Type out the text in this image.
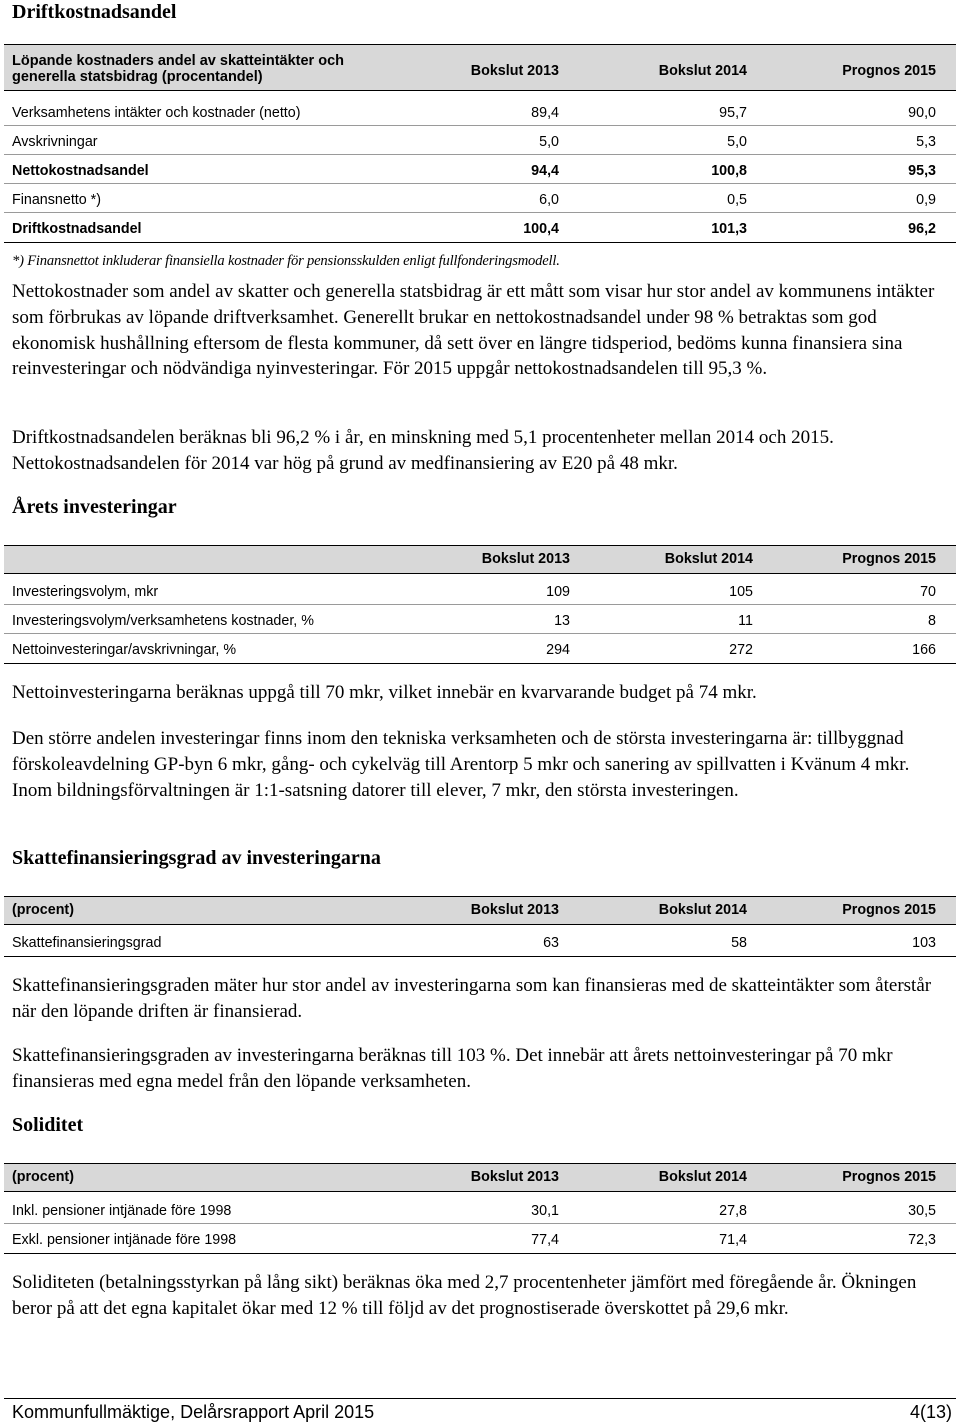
Driftkostnadsandel
Löpande kostnaders andel av skatteintäkter och
generella statsbidrag (procentandel)	Bokslut 2013	Bokslut 2014	Prognos 2015
Verksamhetens intäkter och kostnader (netto)	89,4	95,7	90,0
Avskrivningar	5,0	5,0	5,3
Nettokostnadsandel	94,4	100,8	95,3
Finansnetto *)	6,0	0,5	0,9
Driftkostnadsandel	100,4	101,3	96,2
*) Finansnettot inkluderar finansiella kostnader för pensionsskulden enligt fullfonderingsmodell.
Nettokostnader som andel av skatter och generella statsbidrag är ett mått som visar hur stor andel av kommunens intäkter som förbrukas av löpande driftverksamhet. Generellt brukar en nettokostnadsandel under 98 % betraktas som god ekonomisk hushållning eftersom de flesta kommuner, då sett över en längre tidsperiod, bedöms kunna finansiera sina reinvesteringar och nödvändiga nyinvesteringar. För 2015 uppgår nettokostnadsandelen till 95,3 %.
Driftkostnadsandelen beräknas bli 96,2 % i år, en minskning med 5,1 procentenheter mellan 2014 och 2015. Nettokostnadsandelen för 2014 var hög på grund av medfinansiering av E20 på 48 mkr.
Årets investeringar
Bokslut 2013	Bokslut 2014	Prognos 2015
Investeringsvolym, mkr	109	105	70
Investeringsvolym/verksamhetens kostnader, %	13	11	8
Nettoinvesteringar/avskrivningar, %	294	272	166
Nettoinvesteringarna beräknas uppgå till 70 mkr, vilket innebär en kvarvarande budget på 74 mkr.
Den större andelen investeringar finns inom den tekniska verksamheten och de största investeringarna är: tillbyggnad förskoleavdelning GP-byn 6 mkr, gång- och cykelväg till Arentorp 5 mkr och sanering av spillvatten i Kvänum 4 mkr. Inom bildningsförvaltningen är 1:1-satsning datorer till elever, 7 mkr, den största investeringen.
Skattefinansieringsgrad av investeringarna
(procent)	Bokslut 2013	Bokslut 2014	Prognos 2015
Skattefinansieringsgrad	63	58	103
Skattefinansieringsgraden mäter hur stor andel av investeringarna som kan finansieras med de skatteintäkter som återstår när den löpande driften är finansierad.
Skattefinansieringsgraden av investeringarna beräknas till 103 %. Det innebär att årets nettoinvesteringar på 70 mkr finansieras med egna medel från den löpande verksamheten.
Soliditet
(procent)	Bokslut 2013	Bokslut 2014	Prognos 2015
Inkl. pensioner intjänade före 1998	30,1	27,8	30,5
Exkl. pensioner intjänade före 1998	77,4	71,4	72,3
Soliditeten (betalningsstyrkan på lång sikt) beräknas öka med 2,7 procentenheter jämfört med föregående år. Ökningen beror på att det egna kapitalet ökar med 12 % till följd av det prognostiserade överskottet på 29,6 mkr.
Kommunfullmäktige, Delårsrapport April 2015	4(13)
